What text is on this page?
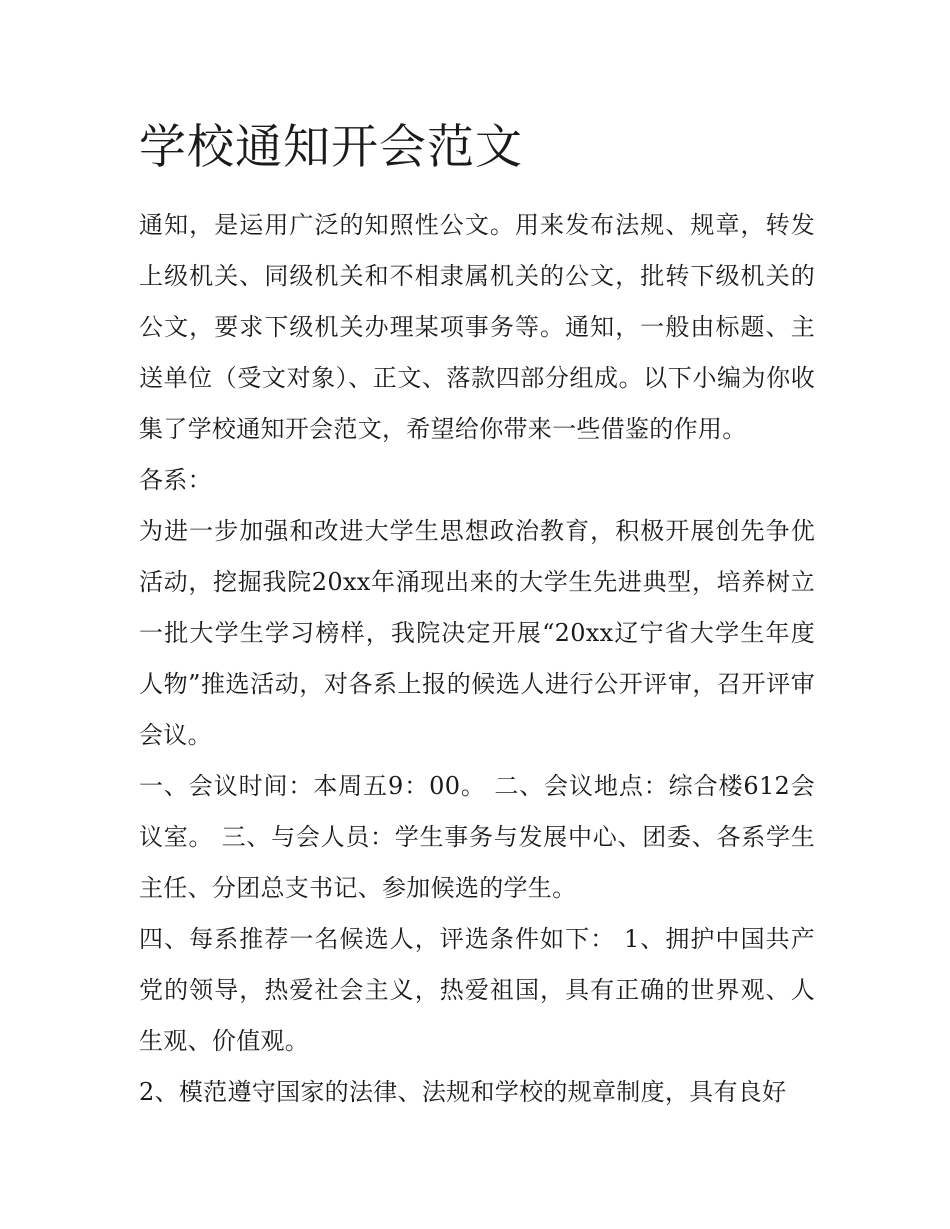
学校通知开会范文

通知，是运用广泛的知照性公文。用来发布法规、规章，转发上级机关、同级机关和不相隶属机关的公文，批转下级机关的公文，要求下级机关办理某项事务等。通知，一般由标题、主送单位（受文对象）、正文、落款四部分组成。以下小编为你收集了学校通知开会范文，希望给你带来一些借鉴的作用。

各系：

为进一步加强和改进大学生思想政治教育，积极开展创先争优活动，挖掘我院20xx年涌现出来的大学生先进典型，培养树立一批大学生学习榜样，我院决定开展“20xx辽宁省大学生年度人物”推选活动，对各系上报的候选人进行公开评审，召开评审会议。

一、会议时间：本周五9：00。 二、会议地点：综合楼612会议室。 三、与会人员：学生事务与发展中心、团委、各系学生主任、分团总支书记、参加候选的学生。

四、每系推荐一名候选人，评选条件如下： 1、拥护中国共产党的领导，热爱社会主义，热爱祖国，具有正确的世界观、人生观、价值观。

2、模范遵守国家的法律、法规和学校的规章制度，具有良好
